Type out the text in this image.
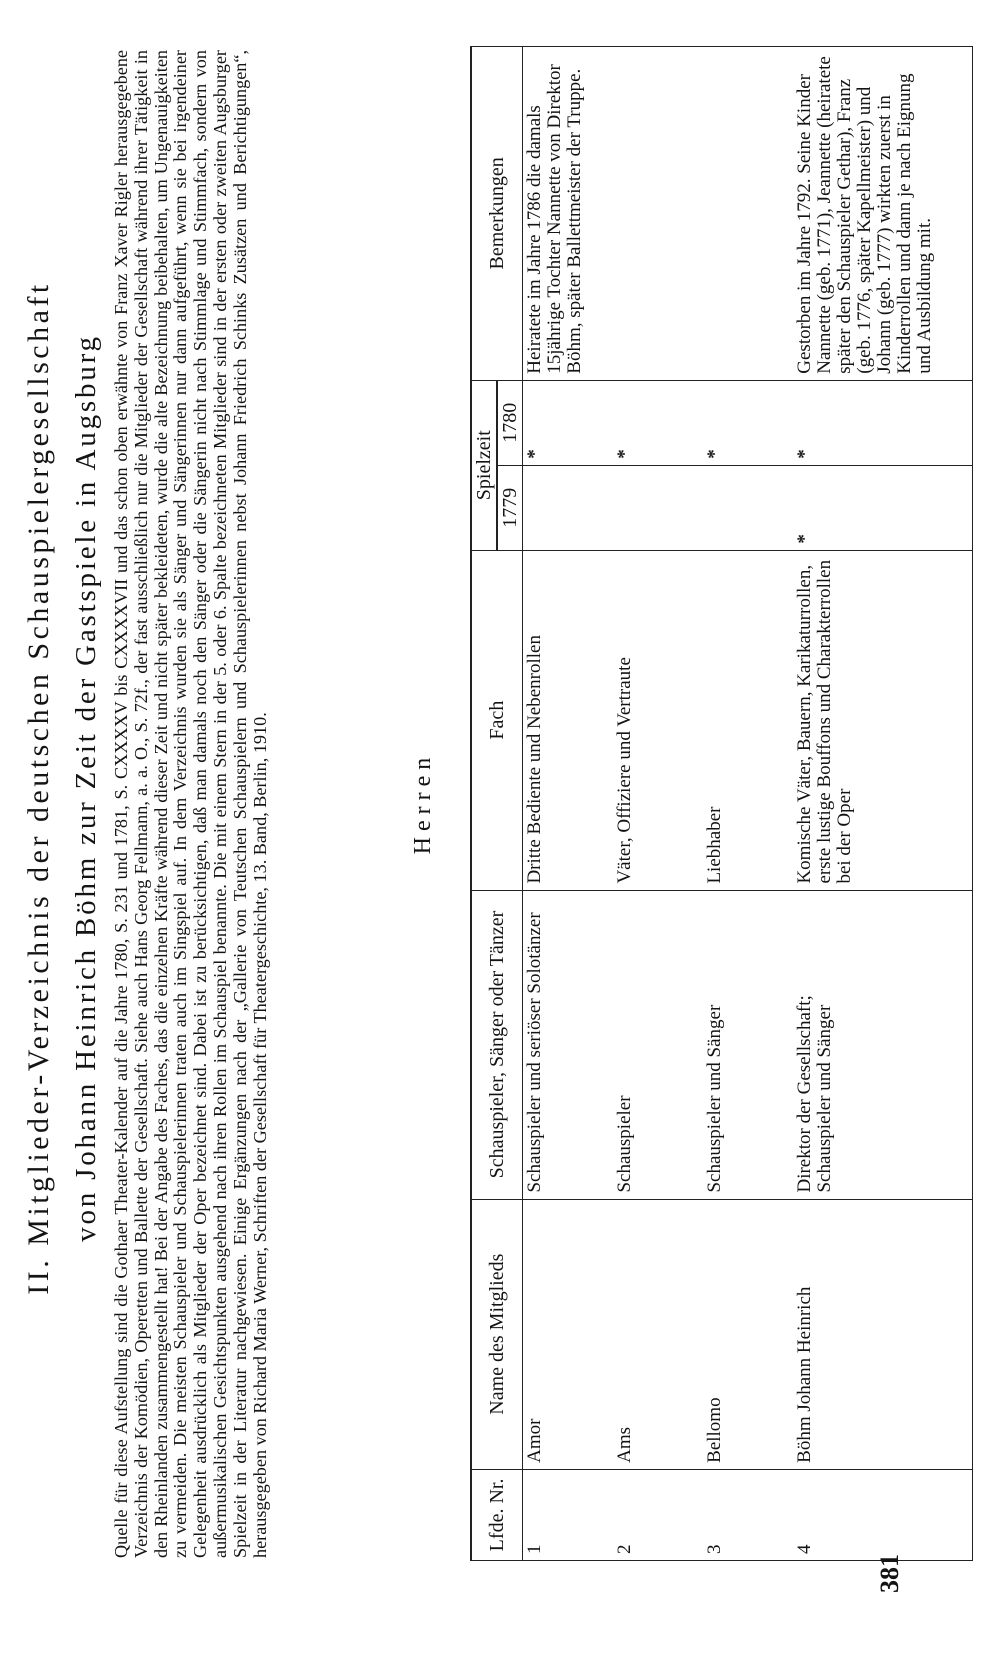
II. Mitglieder-Verzeichnis der deutschen Schauspielergesellschaft von Johann Heinrich Böhm zur Zeit der Gastspiele in Augsburg Quelle für diese Aufstellung sind die Gothaer Theater-Kalender auf die Jahre 1780, S. 231 und 1781, S. CXXXXV bis CXXXXVII und das schon oben erwähnte von Franz Xaver Rigler herausgegebene Verzeichnis der Komödien, Operetten und Ballette der Gesellschaft. Siehe auch Hans Georg Fellmann, a. a. O., S. 72f., der fast ausschließlich nur die Mitglieder der Gesellschaft während ihrer Tätigkeit in den Rheinlanden zusammengestellt hat! Bei der Angabe des Faches, das die einzelnen Kräfte während dieser Zeit und nicht später bekleideten, wurde die alte Bezeichnung beibehalten, um Ungenauigkeiten zu vermeiden. Die meisten Schauspieler und Schauspielerinnen traten auch im Singspiel auf. In dem Verzeichnis wurden sie als Sänger und Sängerinnen nur dann aufgeführt, wenn sie bei irgendeiner Gelegenheit ausdrücklich als Mitglieder der Oper bezeichnet sind. Dabei ist zu berücksichtigen, daß man damals noch den Sänger oder die Sängerin nicht nach Stimmlage und Stimmfach, sondern von außermusikalischen Gesichtspunkten ausgehend nach ihren Rollen im Schauspiel benannte. Die mit einem Stern in der 5. oder 6. Spalte bezeichneten Mitglieder sind in der ersten oder zweiten Augsburger Spielzeit in der Literatur nachgewiesen. Einige Ergänzungen nach der „Gallerie von Teutschen Schauspielern und Schauspielerinnen nebst Johann Friedrich Schinks Zusätzen und Berichtigungen“, herausgegeben von Richard Maria Werner, Schriften der Gesellschaft für Theatergeschichte, 13. Band, Berlin, 1910.	Herren
Lfde. Nr.	Name des Mitglieds	Schauspieler, Sänger oder Tänzer	Fach	Spielzeit		Bemerkungen
				1779	1780	
1	Amor	Schauspieler und seriöser Solotänzer	Dritte Bediente und Nebenrollen		*	Heiratete im Jahre 1786 die damals 15jährige Tochter Nannette von Direktor Böhm, später Ballettmeister der Truppe.
2	Ams	Schauspieler	Väter, Offiziere und Vertraute		*	
3	Bellomo	Schauspieler und Sänger	Liebhaber		*	
4	Böhm Johann Heinrich	Direktor der Gesellschaft; Schauspieler und Sänger	Komische Väter, Bauern, Karikaturrollen, erste lustige Bouffons und Charakterrollen bei der Oper	*	*	Gestorben im Jahre 1792. Seine Kinder Nannette (geb. 1771), Jeannette (heiratete später den Schauspieler Gethar), Franz (geb. 1776, später Kapellmeister) und Johann (geb. 1777) wirkten zuerst in Kinderrollen und dann je nach Eignung und Ausbildung mit.
381
